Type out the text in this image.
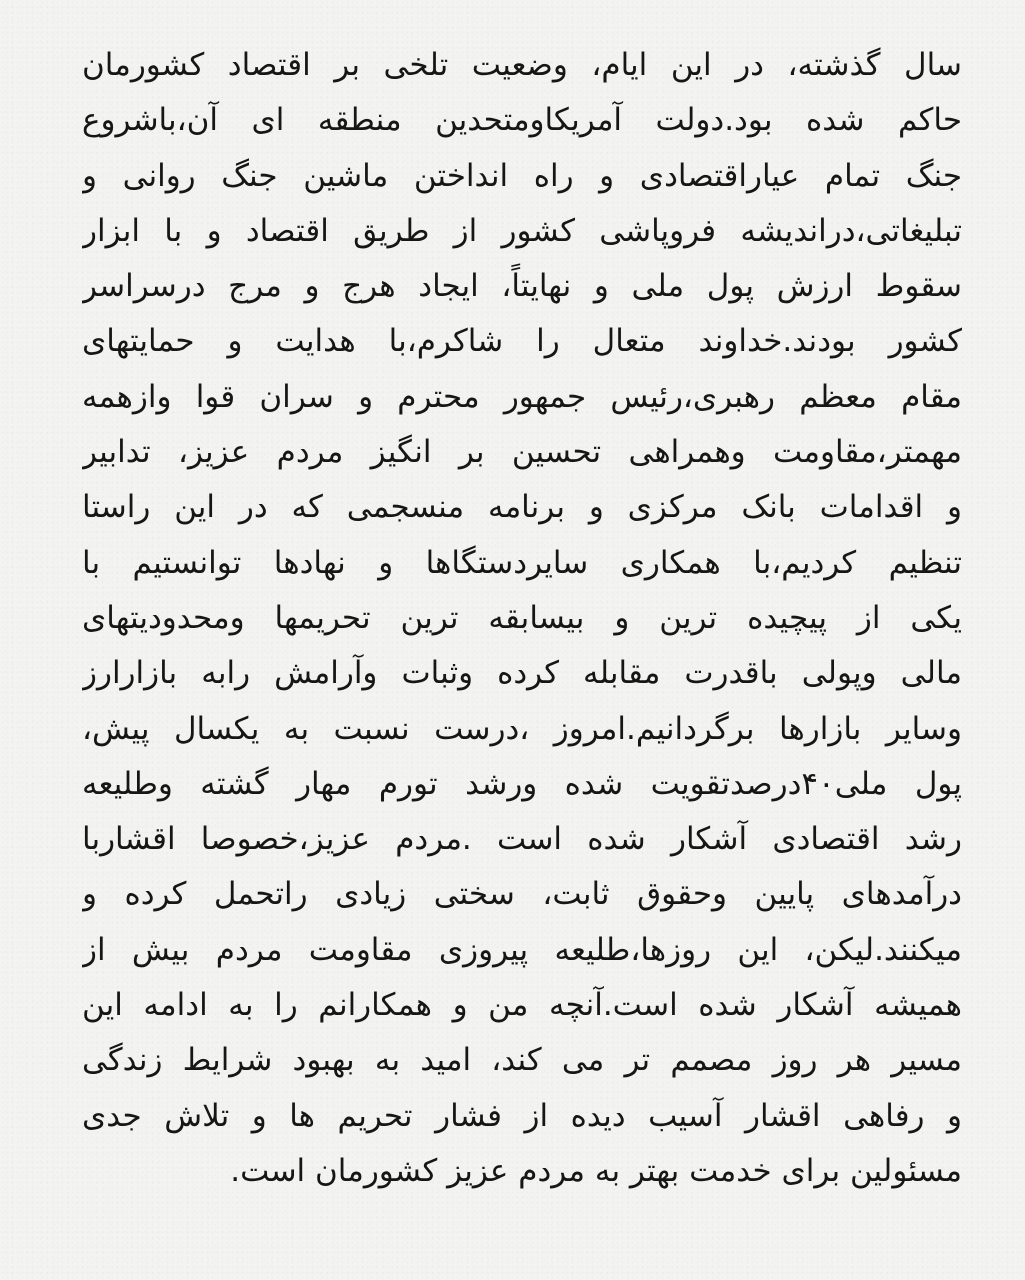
سال گذشته، در این ایام، وضعیت تلخی بر اقتصاد کشورمان
حاکم شده بود.دولت آمریکاومتحدین منطقه ای آن،باشروع
جنگ تمام عیاراقتصادی و راه انداختن ماشین جنگ روانی و
تبلیغاتی،دراندیشه فروپاشی کشور از طریق اقتصاد و با ابزار
سقوط ارزش پول ملی و نهایتاً، ایجاد هرج و مرج درسراسر
کشور بودند.خداوند متعال را شاکرم،با هدایت و حمایتهای
مقام معظم رهبری،رئیس جمهور محترم و سران قوا وازهمه
مهمتر،مقاومت وهمراهی تحسین بر انگیز مردم عزیز، تدابیر
و اقدامات بانک مرکزی و برنامه منسجمی که در این راستا
تنظیم کردیم،با همکاری سایردستگاها و نهادها توانستیم با
یکی از پیچیده ترین و بیسابقه ترین تحریمها ومحدودیتهای
مالی وپولی باقدرت مقابله کرده وثبات وآرامش رابه بازارارز
وسایر بازارها برگردانیم.امروز ،درست نسبت به یکسال پیش،
پول ملی۴۰درصدتقویت شده ورشد تورم مهار گشته وطلیعه
رشد اقتصادی آشکار شده است .مردم عزیز،خصوصا اقشاربا
درآمدهای پایین وحقوق ثابت، سختی زیادی راتحمل کرده و
میکنند.لیکن، این روزها،طلیعه پیروزی مقاومت مردم بیش از
همیشه آشکار شده است.آنچه من و همکارانم را به ادامه این
مسیر هر روز مصمم تر می کند، امید به بهبود شرایط زندگی
و رفاهی اقشار آسیب دیده از فشار تحریم ها و تلاش جدی
مسئولین برای خدمت بهتر به مردم عزیز کشورمان است.
